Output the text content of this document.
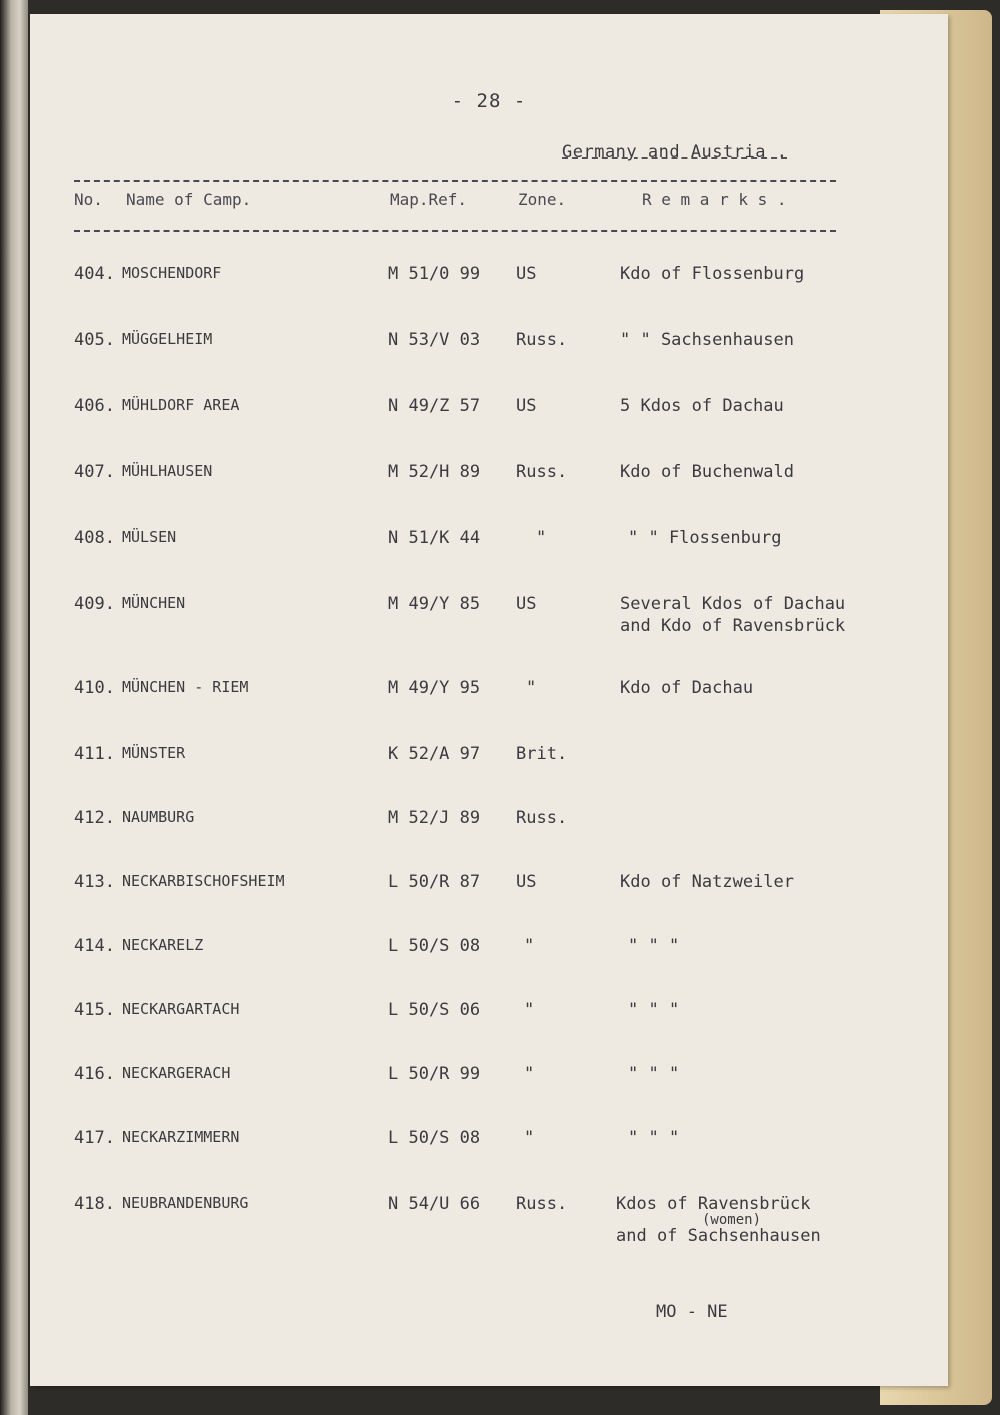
- 28 -
Germany and Austria .
No. Name of Camp.	Map.Ref.	Zone.	R e m a r k s .
404. MOSCHENDORF	M 51/0 99 US	Kdo of Flossenburg
405. MÜGGELHEIM	N 53/V 03 Russ.	" " Sachsenhausen
406. MÜHLDORF AREA	N 49/Z 57 US	5 Kdos of Dachau
407. MÜHLHAUSEN	M 52/H 89 Russ.	Kdo of Buchenwald
408. MÜLSEN	N 51/K 44	"	" " Flossenburg
409. MÜNCHEN	M 49/Y 85 US	Several Kdos of Dachau
and Kdo of Ravensbrück
410. MÜNCHEN - RIEM	M 49/Y 95	"	Kdo of Dachau
411. MÜNSTER	K 52/A 97 Brit.
412. NAUMBURG	M 52/J 89 Russ.
413. NECKARBISCHOFSHEIM	L 50/R 87 US	Kdo of Natzweiler
414. NECKARELZ	L 50/S 08	"	" " "
415. NECKARGARTACH	L 50/S 06	"	" " "
416. NECKARGERACH	L 50/R 99	"	" " "
417. NECKARZIMMERN	L 50/S 08	"	" " "
418. NEUBRANDENBURG	N 54/U 66 Russ.	Kdos of Ravensbrück
(women)
and of Sachsenhausen
MO - NE
